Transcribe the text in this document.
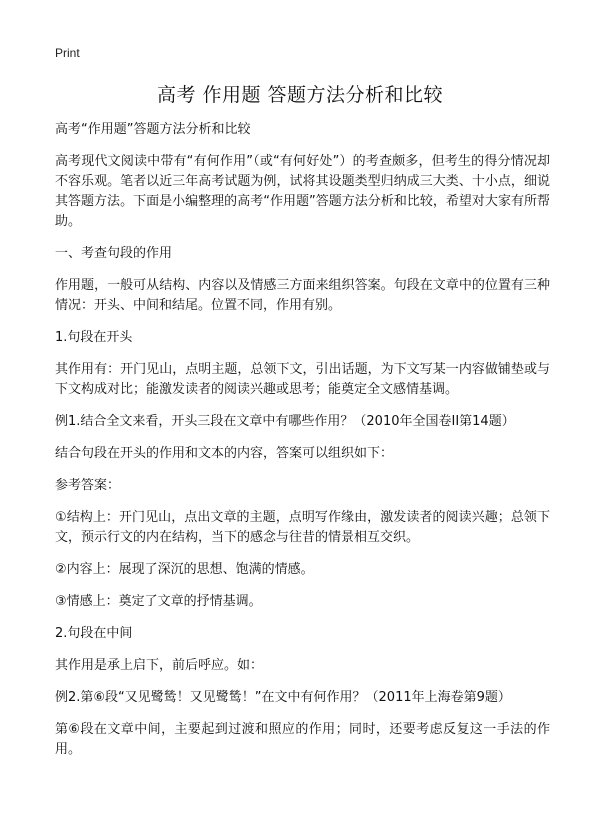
Print
高考 作用题 答题方法分析和比较

高考“作用题”答题方法分析和比较

高考现代文阅读中带有“有何作用”（或“有何好处”）的考查颇多，但考生的得分情况却不容乐观。笔者以近三年高考试题为例，试将其设题类型归纳成三大类、十小点，细说其答题方法。下面是小编整理的高考“作用题”答题方法分析和比较，希望对大家有所帮助。

一、考查句段的作用

作用题，一般可从结构、内容以及情感三方面来组织答案。句段在文章中的位置有三种情况：开头、中间和结尾。位置不同，作用有别。

1.句段在开头

其作用有：开门见山，点明主题，总领下文，引出话题，为下文写某一内容做铺垫或与下文构成对比；能激发读者的阅读兴趣或思考；能奠定全文感情基调。

例1.结合全文来看，开头三段在文章中有哪些作用？（2010年全国卷II第14题）

结合句段在开头的作用和文本的内容，答案可以组织如下：

参考答案：

①结构上：开门见山，点出文章的主题，点明写作缘由，激发读者的阅读兴趣；总领下文，预示行文的内在结构，当下的感念与往昔的情景相互交织。

②内容上：展现了深沉的思想、饱满的情感。

③情感上：奠定了文章的抒情基调。

2.句段在中间

其作用是承上启下，前后呼应。如：

例2.第⑥段“又见鹭鸶！又见鹭鸶！”在文中有何作用？（2011年上海卷第9题）

第⑥段在文章中间，主要起到过渡和照应的作用；同时，还要考虑反复这一手法的作用。
